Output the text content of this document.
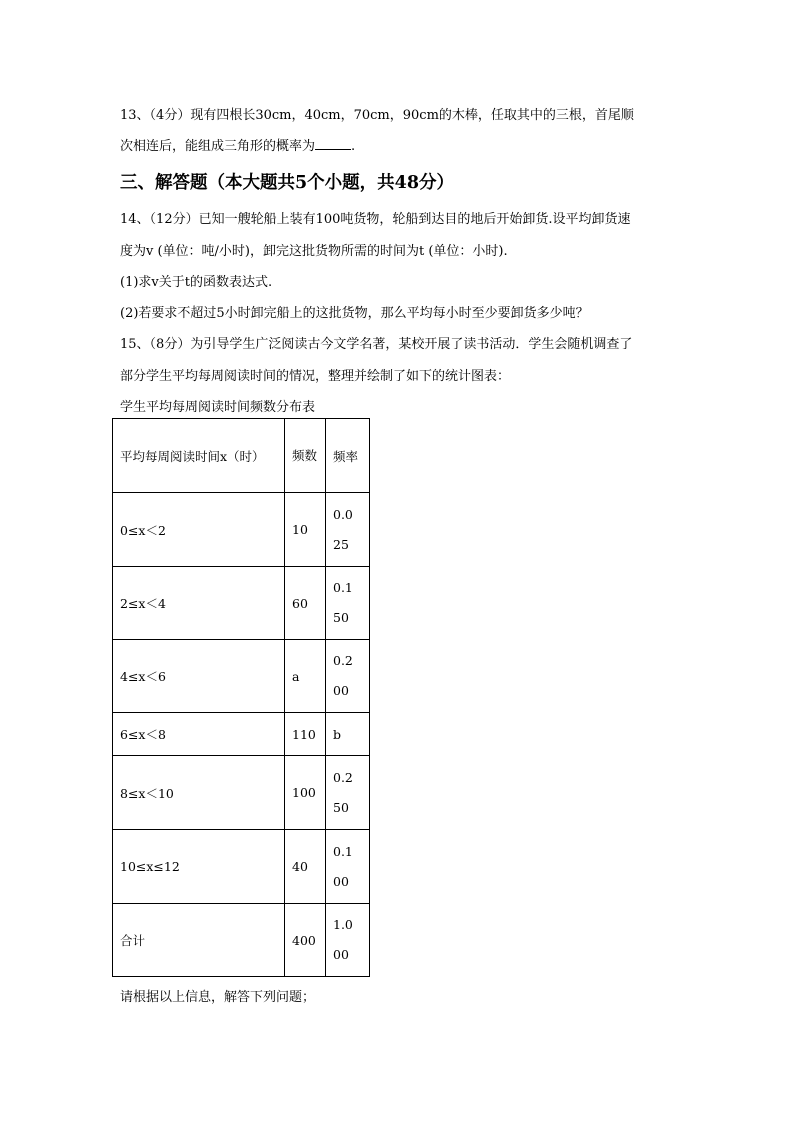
13、（4分）现有四根长30cm，40cm，70cm，90cm的木棒，任取其中的三根，首尾顺
次相连后，能组成三角形的概率为	.
三、解答题（本大题共5个小题，共48分）
14、（12分）已知一艘轮船上装有100吨货物，轮船到达目的地后开始卸货.设平均卸货速
度为v (单位：吨/小时)，卸完这批货物所需的时间为t (单位：小时).
(1)求v关于t的函数表达式.
(2)若要求不超过5小时卸完船上的这批货物，那么平均每小时至少要卸货多少吨？
15、（8分）为引导学生广泛阅读古今文学名著，某校开展了读书活动．学生会随机调查了
部分学生平均每周阅读时间的情况，整理并绘制了如下的统计图表：
学生平均每周阅读时间频数分布表
平均每周阅读时间x（时）	频数	频率
0≤x＜2	10	0.025

2≤x＜4	60	0.150

4≤x＜6	a	0.200

6≤x＜8	110	b
8≤x＜10	100	0.250

10≤x≤12	40	0.100

合计	400	1.000
请根据以上信息，解答下列问题；
